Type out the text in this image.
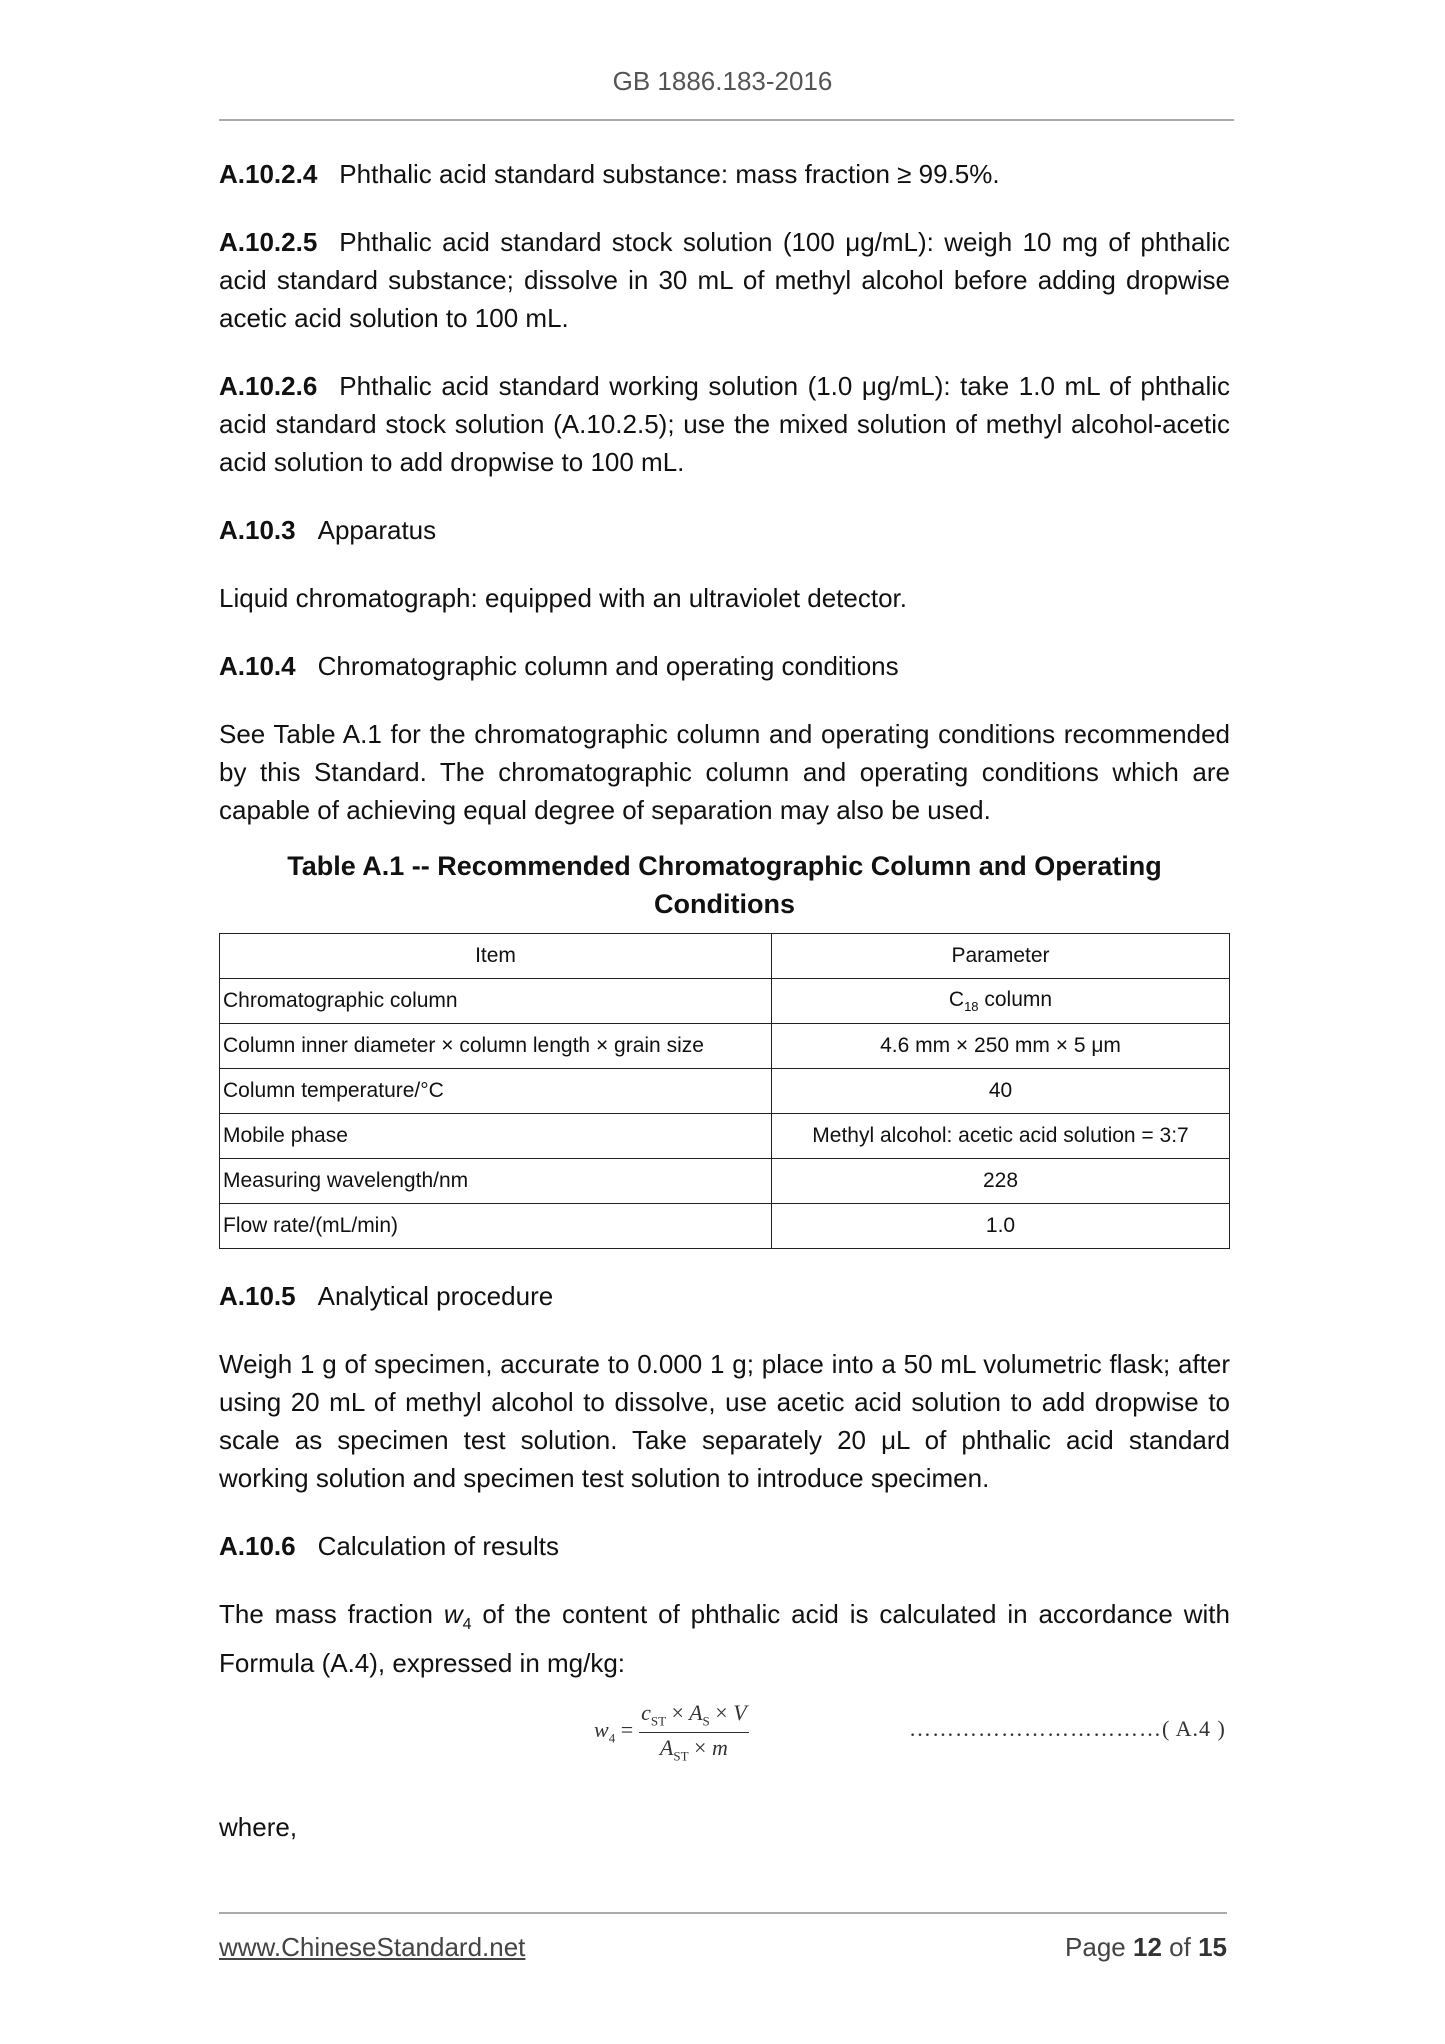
GB 1886.183-2016

A.10.2.4 Phthalic acid standard substance: mass fraction ≥ 99.5%.

A.10.2.5 Phthalic acid standard stock solution (100 μg/mL): weigh 10 mg of phthalic acid standard substance; dissolve in 30 mL of methyl alcohol before adding dropwise acetic acid solution to 100 mL.

A.10.2.6 Phthalic acid standard working solution (1.0 μg/mL): take 1.0 mL of phthalic acid standard stock solution (A.10.2.5); use the mixed solution of methyl alcohol-acetic acid solution to add dropwise to 100 mL.

A.10.3 Apparatus

Liquid chromatograph: equipped with an ultraviolet detector.

A.10.4 Chromatographic column and operating conditions

See Table A.1 for the chromatographic column and operating conditions recommended by this Standard. The chromatographic column and operating conditions which are capable of achieving equal degree of separation may also be used.

Table A.1 -- Recommended Chromatographic Column and Operating Conditions
Item	Parameter
Chromatographic column	$C_{18}$ column
Column inner diameter × column length × grain size	4.6 mm × 250 mm × 5 μm
Column temperature/°C	40
Mobile phase	Methyl alcohol: acetic acid solution = 3:7
Measuring wavelength/nm	228
Flow rate/(mL/min)	1.0

A.10.5 Analytical procedure

Weigh 1 g of specimen, accurate to 0.000 1 g; place into a 50 mL volumetric flask; after using 20 mL of methyl alcohol to dissolve, use acetic acid solution to add dropwise to scale as specimen test solution. Take separately 20 μL of phthalic acid standard working solution and specimen test solution to introduce specimen.

A.10.6 Calculation of results

The mass fraction $w_4$ of the content of phthalic acid is calculated in accordance with Formula (A.4), expressed in mg/kg:

$w_4 = \frac{c_{ST} \times A_S \times V}{A_{ST} \times m}$	……………………………( A.4 )

where,

www.ChineseStandard.net	Page 12 of 15
